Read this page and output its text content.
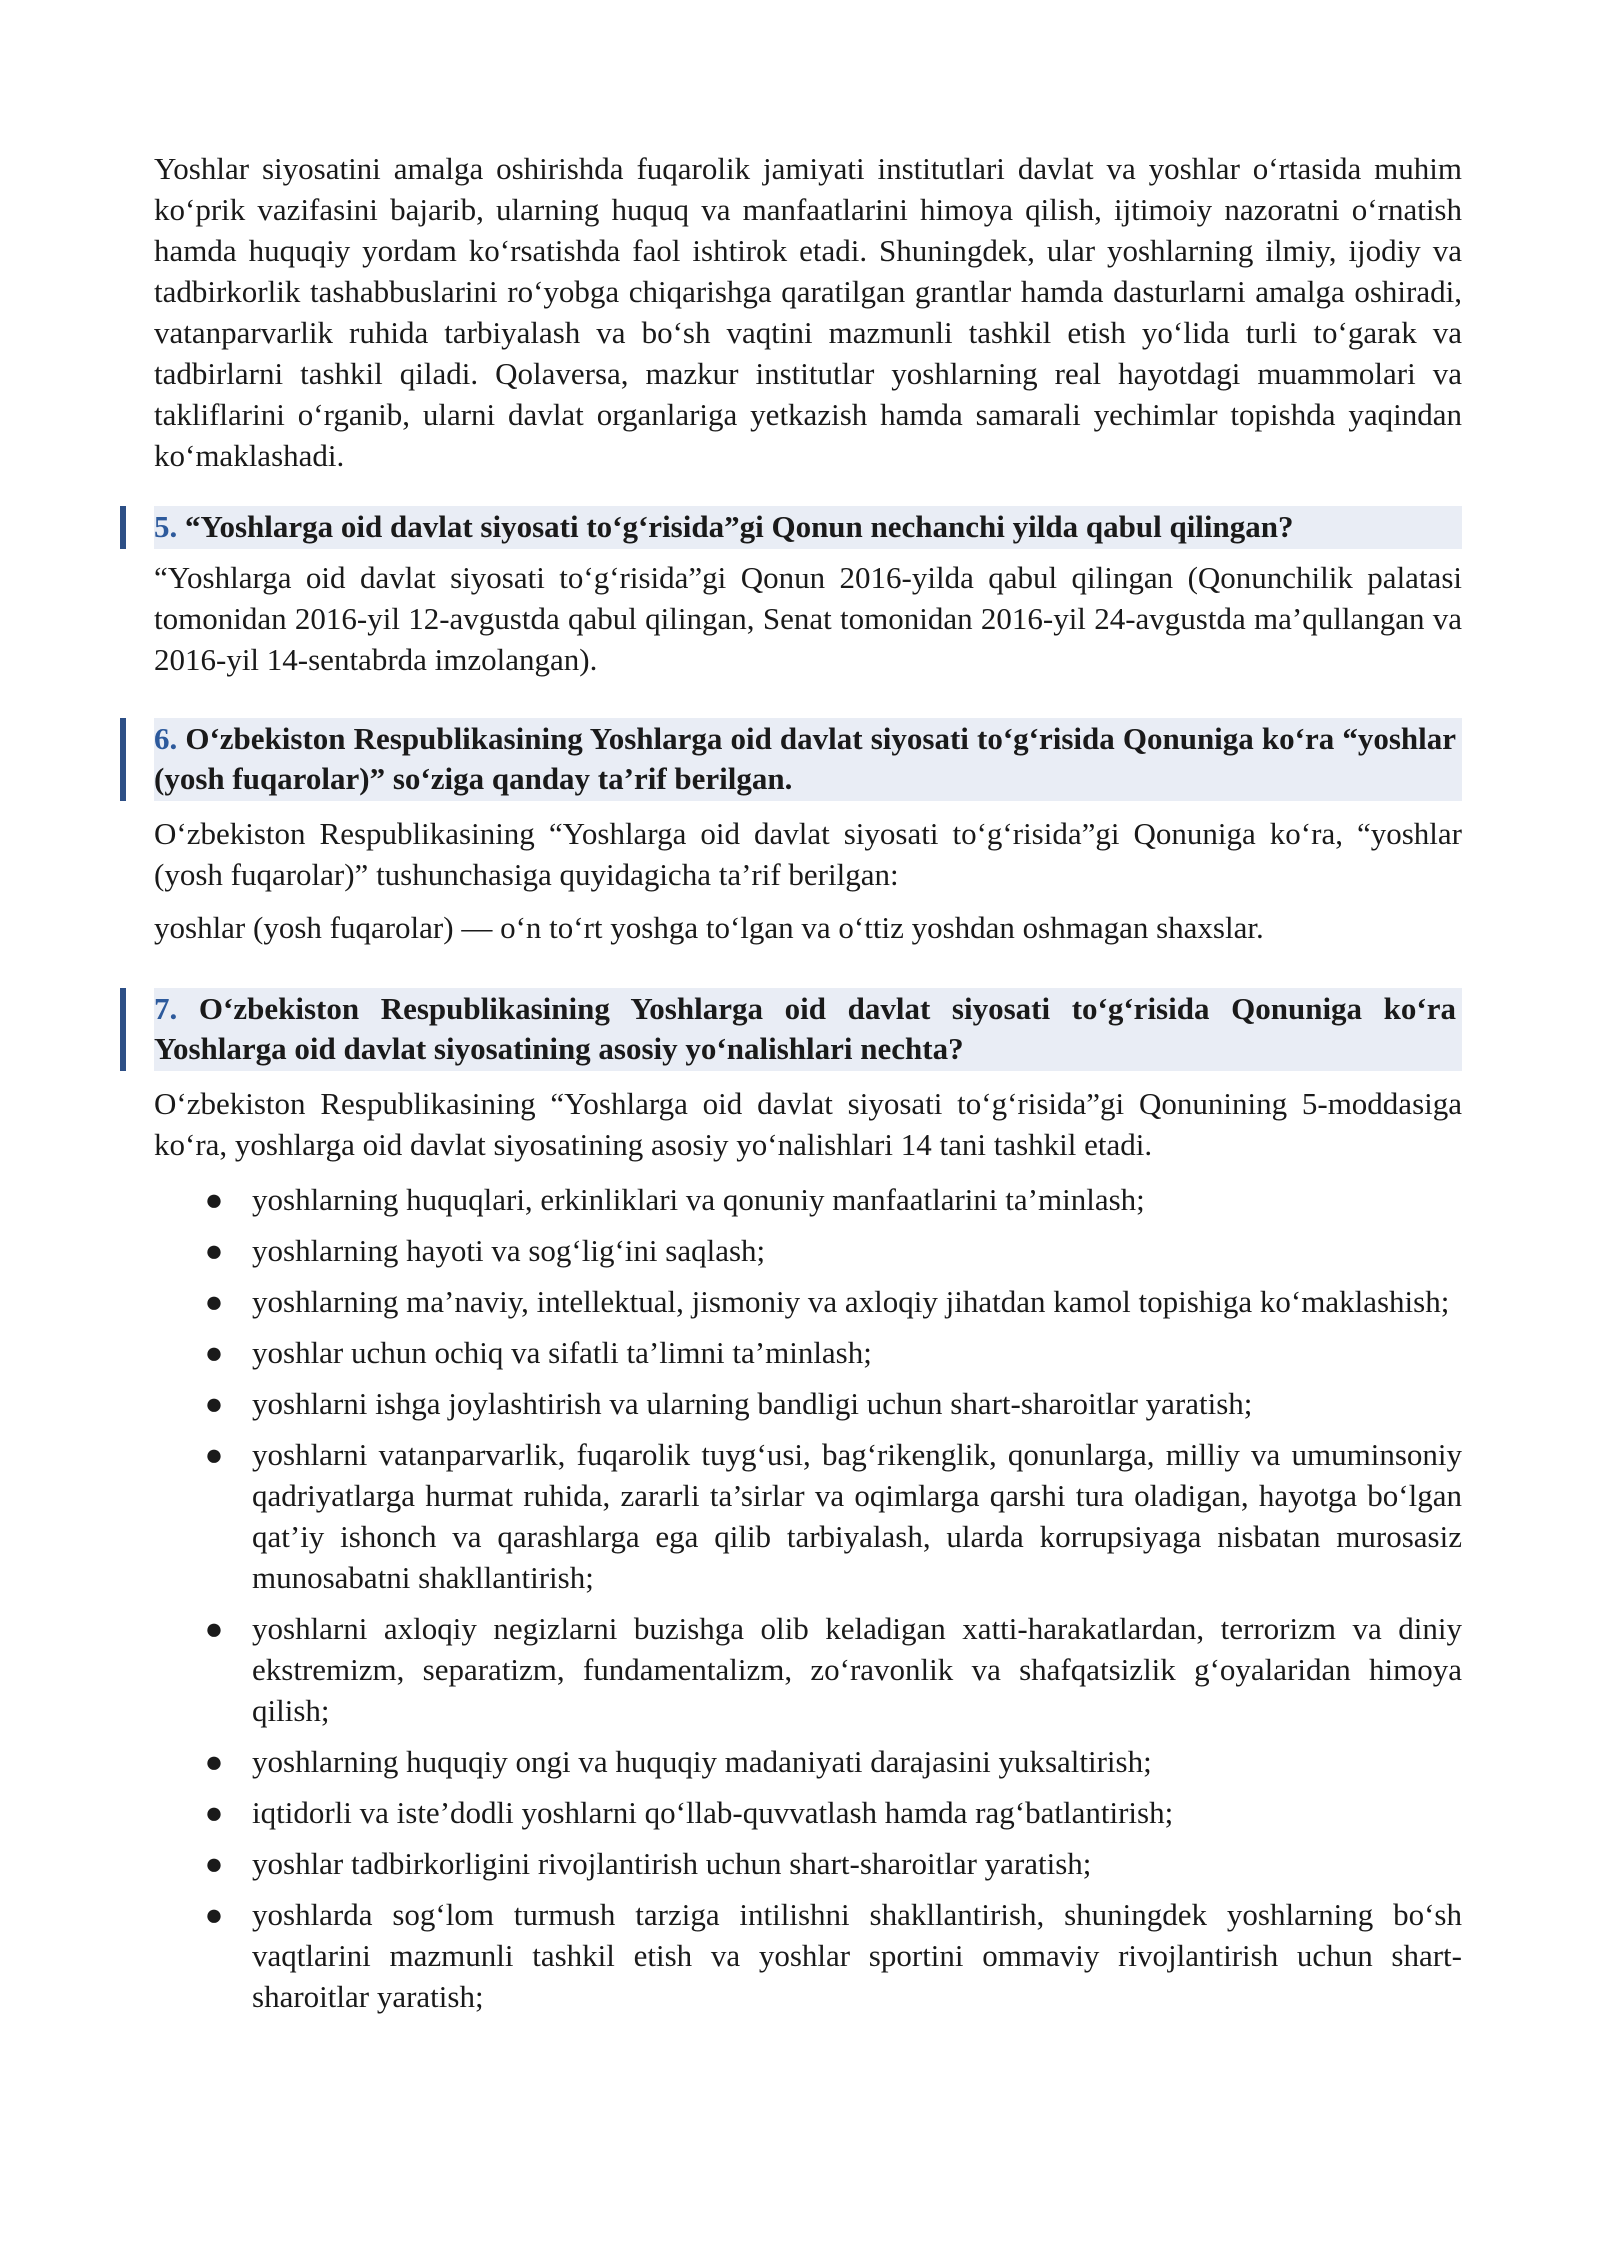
Yoshlar siyosatini amalga oshirishda fuqarolik jamiyati institutlari davlat va yoshlar o‘rtasida muhim ko‘prik vazifasini bajarib, ularning huquq va manfaatlarini himoya qilish, ijtimoiy nazoratni o‘rnatish hamda huquqiy yordam ko‘rsatishda faol ishtirok etadi. Shuningdek, ular yoshlarning ilmiy, ijodiy va tadbirkorlik tashabbuslarini ro‘yobga chiqarishga qaratilgan grantlar hamda dasturlarni amalga oshiradi, vatanparvarlik ruhida tarbiyalash va bo‘sh vaqtini mazmunli tashkil etish yo‘lida turli to‘garak va tadbirlarni tashkil qiladi. Qolaversa, mazkur institutlar yoshlarning real hayotdagi muammolari va takliflarini o‘rganib, ularni davlat organlariga yetkazish hamda samarali yechimlar topishda yaqindan ko‘maklashadi.

5. “Yoshlarga oid davlat siyosati to‘g‘risida”gi Qonun nechanchi yilda qabul qilingan?

“Yoshlarga oid davlat siyosati to‘g‘risida”gi Qonun 2016-yilda qabul qilingan (Qonunchilik palatasi tomonidan 2016-yil 12-avgustda qabul qilingan, Senat tomonidan 2016-yil 24-avgustda ma’qullangan va 2016-yil 14-sentabrda imzolangan).

6. O‘zbekiston Respublikasining Yoshlarga oid davlat siyosati to‘g‘risida Qonuniga ko‘ra “yoshlar (yosh fuqarolar)” so‘ziga qanday ta’rif berilgan.

O‘zbekiston Respublikasining “Yoshlarga oid davlat siyosati to‘g‘risida”gi Qonuniga ko‘ra, “yoshlar (yosh fuqarolar)” tushunchasiga quyidagicha ta’rif berilgan:

yoshlar (yosh fuqarolar) — o‘n to‘rt yoshga to‘lgan va o‘ttiz yoshdan oshmagan shaxslar.

7. O‘zbekiston Respublikasining Yoshlarga oid davlat siyosati to‘g‘risida Qonuniga ko‘ra Yoshlarga oid davlat siyosatining asosiy yo‘nalishlari nechta?

O‘zbekiston Respublikasining “Yoshlarga oid davlat siyosati to‘g‘risida”gi Qonunining 5-moddasiga ko‘ra, yoshlarga oid davlat siyosatining asosiy yo‘nalishlari 14 tani tashkil etadi.

● yoshlarning huquqlari, erkinliklari va qonuniy manfaatlarini ta’minlash;
● yoshlarning hayoti va sog‘lig‘ini saqlash;
● yoshlarning ma’naviy, intellektual, jismoniy va axloqiy jihatdan kamol topishiga ko‘maklashish;
● yoshlar uchun ochiq va sifatli ta’limni ta’minlash;
● yoshlarni ishga joylashtirish va ularning bandligi uchun shart-sharoitlar yaratish;
● yoshlarni vatanparvarlik, fuqarolik tuyg‘usi, bag‘rikenglik, qonunlarga, milliy va umuminsoniy qadriyatlarga hurmat ruhida, zararli ta’sirlar va oqimlarga qarshi tura oladigan, hayotga bo‘lgan qat’iy ishonch va qarashlarga ega qilib tarbiyalash, ularda korrupsiyaga nisbatan murosasiz munosabatni shakllantirish;
● yoshlarni axloqiy negizlarni buzishga olib keladigan xatti-harakatlardan, terrorizm va diniy ekstremizm, separatizm, fundamentalizm, zo‘ravonlik va shafqatsizlik g‘oyalaridan himoya qilish;
● yoshlarning huquqiy ongi va huquqiy madaniyati darajasini yuksaltirish;
● iqtidorli va iste’dodli yoshlarni qo‘llab-quvvatlash hamda rag‘batlantirish;
● yoshlar tadbirkorligini rivojlantirish uchun shart-sharoitlar yaratish;
● yoshlarda sog‘lom turmush tarziga intilishni shakllantirish, shuningdek yoshlarning bo‘sh vaqtlarini mazmunli tashkil etish va yoshlar sportini ommaviy rivojlantirish uchun shart-sharoitlar yaratish;
